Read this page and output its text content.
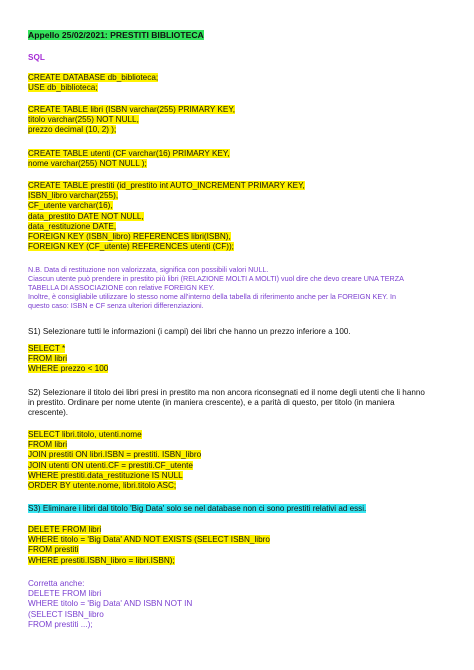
Appello 25/02/2021: PRESTITI BIBLIOTECA
SQL
CREATE DATABASE db_biblioteca;
USE db_biblioteca;
CREATE TABLE libri (ISBN varchar(255) PRIMARY KEY,
titolo varchar(255) NOT NULL,
prezzo decimal (10, 2) );
CREATE TABLE utenti (CF varchar(16) PRIMARY KEY,
nome varchar(255) NOT NULL );
CREATE TABLE prestiti (id_prestito int AUTO_INCREMENT PRIMARY KEY,
ISBN_libro varchar(255),
CF_utente varchar(16),
data_prestito DATE NOT NULL,
data_restituzione DATE,
FOREIGN KEY (ISBN_libro) REFERENCES libri(ISBN),
FOREIGN KEY (CF_utente) REFERENCES utenti (CF));
N.B. Data di restituzione non valorizzata, significa con possibili valori NULL.
Ciascun utente può prendere in prestito più libri (RELAZIONE MOLTI A MOLTI) vuol dire che devo creare UNA TERZA
TABELLA DI ASSOCIAZIONE con relative FOREIGN KEY.
Inoltre, è consigliabile utilizzare lo stesso nome all'interno della tabella di riferimento anche per la FOREIGN KEY. In
questo caso: ISBN e CF senza ulteriori differenziazioni.
S1) Selezionare tutti le informazioni (i campi) dei libri che hanno un prezzo inferiore a 100.
SELECT *
FROM libri
WHERE prezzo < 100
S2) Selezionare il titolo dei libri presi in prestito ma non ancora riconsegnati ed il nome degli utenti che li hanno
in prestito. Ordinare per nome utente (in maniera crescente), e a parità di questo, per titolo (in maniera
crescente).
SELECT libri.titolo, utenti.nome
FROM libri
JOIN prestiti ON libri.ISBN = prestiti. ISBN_libro
JOIN utenti ON utenti.CF = prestiti.CF_utente
WHERE prestiti.data_restituzione IS NULL
ORDER BY utente.nome, libri.titolo ASC;
S3) Eliminare i libri dal titolo 'Big Data' solo se nel database non ci sono prestiti relativi ad essi.
DELETE FROM libri
WHERE titolo = 'Big Data' AND NOT EXISTS (SELECT ISBN_libro
FROM prestiti
WHERE prestiti.ISBN_libro = libri.ISBN);
Corretta anche:
DELETE FROM libri
WHERE titolo = 'Big Data' AND ISBN NOT IN
(SELECT ISBN_libro
FROM prestiti ...);
